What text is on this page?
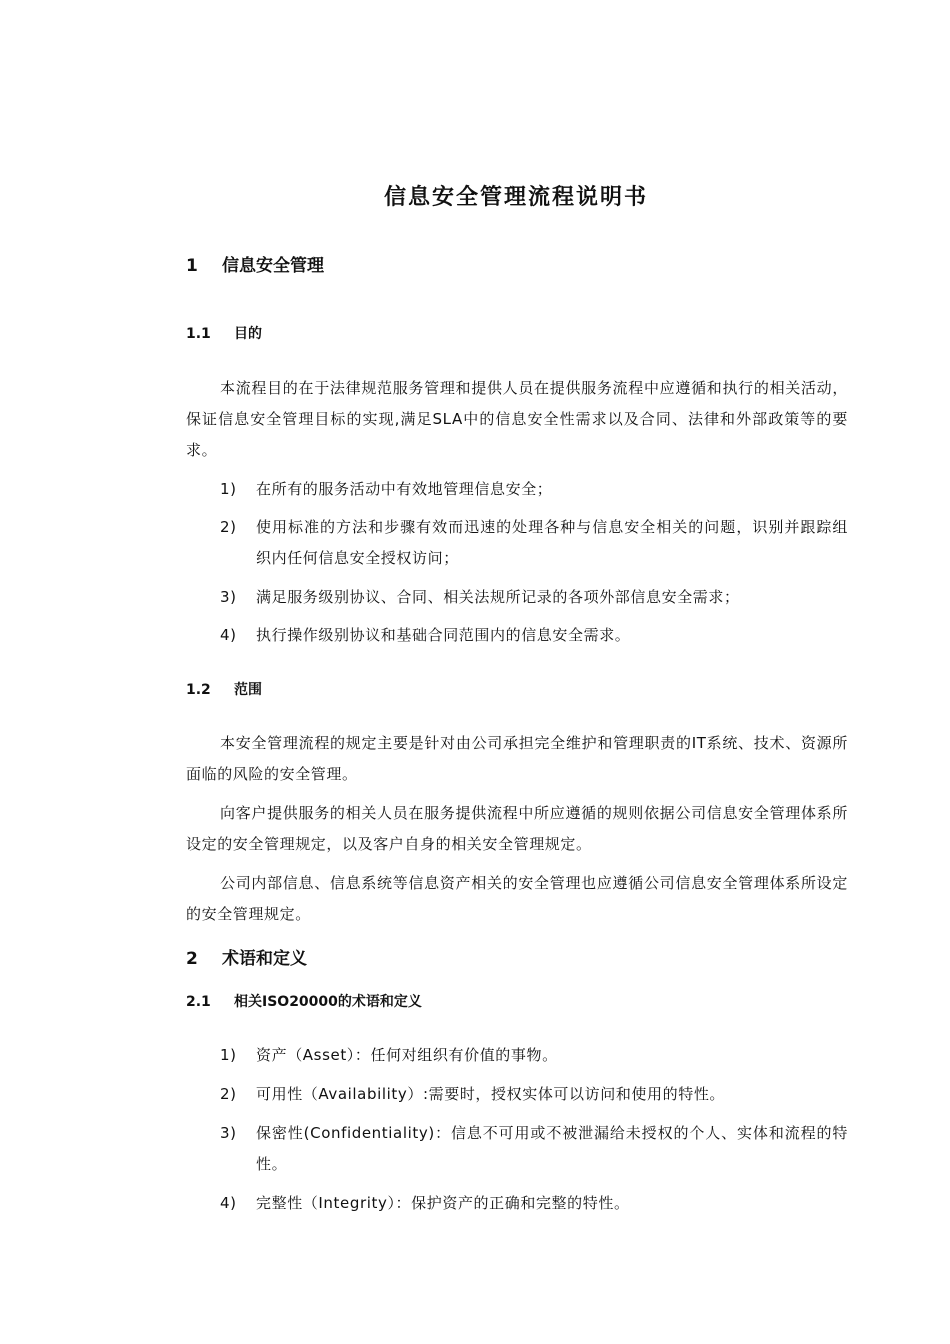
信息安全管理流程说明书
1 信息安全管理
1.1 目的
本流程目的在于法律规范服务管理和提供人员在提供服务流程中应遵循和执行的相关活动，保证信息安全管理目标的实现,满足SLA中的信息安全性需求以及合同、法律和外部政策等的要求。
1) 在所有的服务活动中有效地管理信息安全；
2) 使用标准的方法和步骤有效而迅速的处理各种与信息安全相关的问题，识别并跟踪组织内任何信息安全授权访问；
3) 满足服务级别协议、合同、相关法规所记录的各项外部信息安全需求；
4) 执行操作级别协议和基础合同范围内的信息安全需求。
1.2 范围
本安全管理流程的规定主要是针对由公司承担完全维护和管理职责的IT系统、技术、资源所面临的风险的安全管理。
向客户提供服务的相关人员在服务提供流程中所应遵循的规则依据公司信息安全管理体系所设定的安全管理规定，以及客户自身的相关安全管理规定。
公司内部信息、信息系统等信息资产相关的安全管理也应遵循公司信息安全管理体系所设定的安全管理规定。
2 术语和定义
2.1 相关ISO20000的术语和定义
1) 资产（Asset）：任何对组织有价值的事物。
2) 可用性（Availability）:需要时，授权实体可以访问和使用的特性。
3) 保密性(Confidentiality)：信息不可用或不被泄漏给未授权的个人、实体和流程的特性。
4) 完整性（Integrity）：保护资产的正确和完整的特性。
